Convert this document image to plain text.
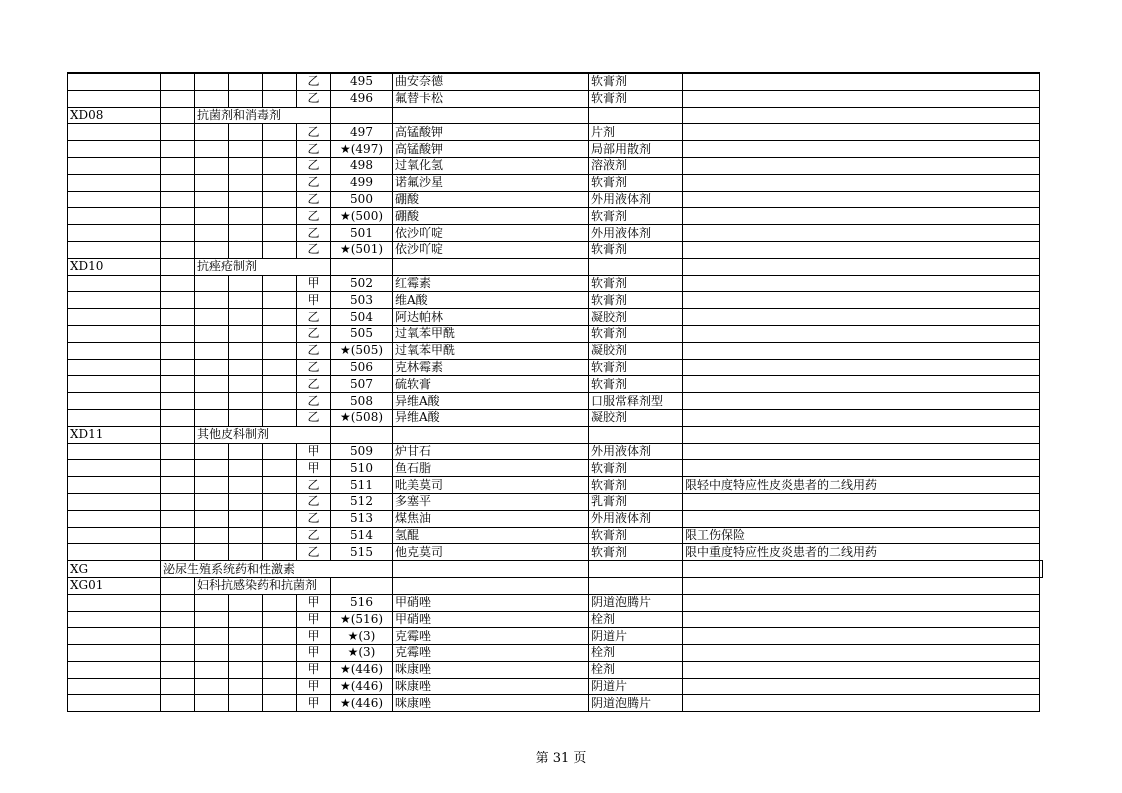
					乙	495	曲安奈德	软膏剂		
					乙	496	氟替卡松	软膏剂		
XD08		抗菌剂和消毒剂								
					乙	497	高锰酸钾	片剂		
					乙	★(497)	高锰酸钾	局部用散剂		
					乙	498	过氧化氢	溶液剂		
					乙	499	诺氟沙星	软膏剂		
					乙	500	硼酸	外用液体剂		
					乙	★(500)	硼酸	软膏剂		
					乙	501	依沙吖啶	外用液体剂		
					乙	★(501)	依沙吖啶	软膏剂		
XD10		抗痤疮制剂								
					甲	502	红霉素	软膏剂		
					甲	503	维A酸	软膏剂		
					乙	504	阿达帕林	凝胶剂		
					乙	505	过氧苯甲酰	软膏剂		
					乙	★(505)	过氧苯甲酰	凝胶剂		
					乙	506	克林霉素	软膏剂		
					乙	507	硫软膏	软膏剂		
					乙	508	异维A酸	口服常释剂型		
					乙	★(508)	异维A酸	凝胶剂		
XD11		其他皮科制剂								
					甲	509	炉甘石	外用液体剂		
					甲	510	鱼石脂	软膏剂		
					乙	511	吡美莫司	软膏剂	限轻中度特应性皮炎患者的二线用药	
					乙	512	多塞平	乳膏剂		
					乙	513	煤焦油	外用液体剂		
					乙	514	氢醌	软膏剂	限工伤保险	
					乙	515	他克莫司	软膏剂	限中重度特应性皮炎患者的二线用药	
XG	泌尿生殖系统药和性激素									
XG01		妇科抗感染药和抗菌剂								
					甲	516	甲硝唑	阴道泡腾片		
					甲	★(516)	甲硝唑	栓剂		
					甲	★(3)	克霉唑	阴道片		
					甲	★(3)	克霉唑	栓剂		
					甲	★(446)	咪康唑	栓剂		
					甲	★(446)	咪康唑	阴道片		
					甲	★(446)	咪康唑	阴道泡腾片		
第 31 页
